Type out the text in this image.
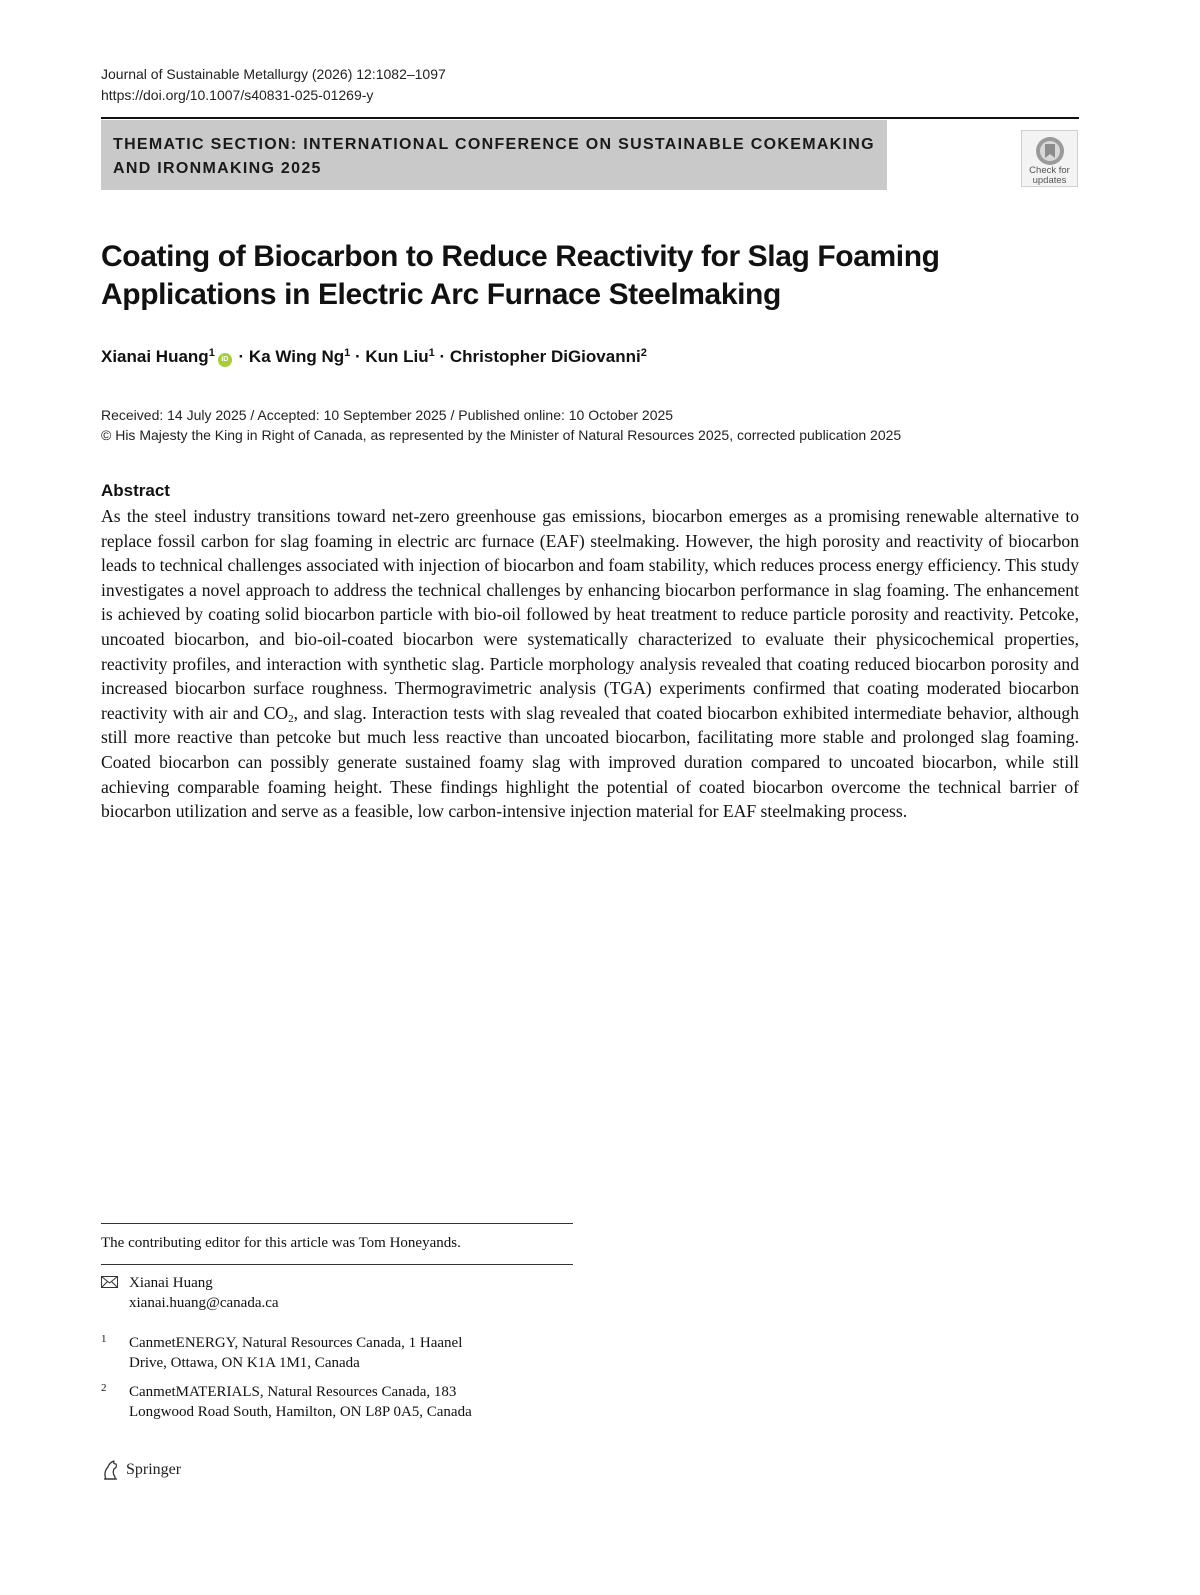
Journal of Sustainable Metallurgy (2026) 12:1082–1097
https://doi.org/10.1007/s40831-025-01269-y
THEMATIC SECTION: INTERNATIONAL CONFERENCE ON SUSTAINABLE COKEMAKING
AND IRONMAKING 2025	Check for
updates
Coating of Biocarbon to Reduce Reactivity for Slag Foaming
Applications in Electric Arc Furnace Steelmaking
Xianai Huang$^1$iD · Ka Wing $Ng^1$ · Kun Liu$^1$ · Christopher DiGiovanni$^2$
Received: 14 July 2025 / Accepted: 10 September 2025 / Published online: 10 October 2025
© His Majesty the King in Right of Canada, as represented by the Minister of Natural Resources 2025, corrected publication 2025
Abstract
As the steel industry transitions toward net-zero greenhouse gas emissions, biocarbon emerges as a promising renewable alternative to replace fossil carbon for slag foaming in electric arc furnace (EAF) steelmaking. However, the high porosity and reactivity of biocarbon leads to technical challenges associated with injection of biocarbon and foam stability, which reduces process energy efficiency. This study investigates a novel approach to address the technical challenges by enhancing biocarbon performance in slag foaming. The enhancement is achieved by coating solid biocarbon particle with bio-oil followed by heat treatment to reduce particle porosity and reactivity. Petcoke, uncoated biocarbon, and bio-oil-coated biocarbon were systematically characterized to evaluate their physicochemical properties, reactivity profiles, and interaction with synthetic slag. Particle morphology analysis revealed that coating reduced biocarbon porosity and increased biocarbon surface roughness. Thermogravimetric analysis (TGA) experiments confirmed that coating moderated biocarbon reactivity with air and $CO_2$, and slag. Interaction tests with slag revealed that coated biocarbon exhibited intermediate behavior, although still more reactive than petcoke but much less reactive than uncoated biocarbon, facilitating more stable and prolonged slag foaming. Coated biocarbon can possibly generate sustained foamy slag with improved duration compared to uncoated biocarbon, while still achieving comparable foaming height. These findings highlight the potential of coated biocarbon overcome the technical barrier of biocarbon utilization and serve as a feasible, low carbon-intensive injection material for EAF steelmaking process.
The contributing editor for this article was Tom Honeyands.
Xianai Huang
xianai.huang@canada.ca
1 CanmetENERGY, Natural Resources Canada, 1 Haanel
Drive, Ottawa, ON K1A 1M1, Canada
2 CanmetMATERIALS, Natural Resources Canada, 183
Longwood Road South, Hamilton, ON L8P 0A5, Canada
Springer
